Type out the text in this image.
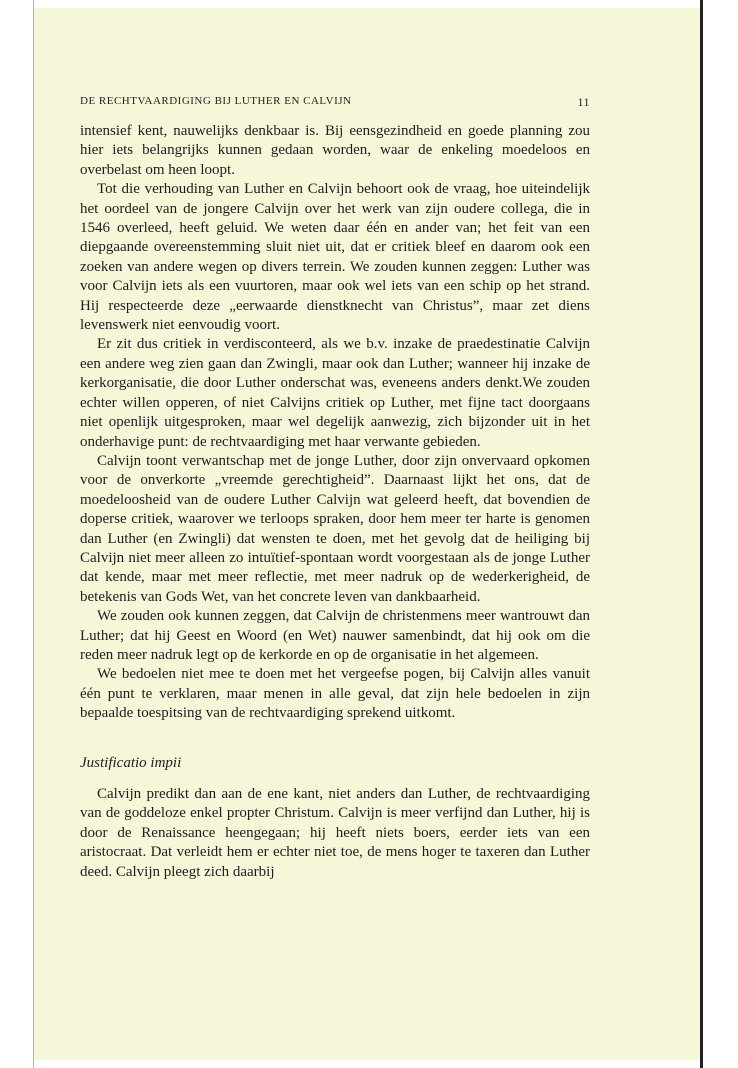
DE RECHTVAARDIGING BIJ LUTHER EN CALVIJN	11

intensief kent, nauwelijks denkbaar is. Bij eensgezindheid en goede planning zou hier iets belangrijks kunnen gedaan worden, waar de enkeling moedeloos en overbelast om heen loopt.

Tot die verhouding van Luther en Calvijn behoort ook de vraag, hoe uiteindelijk het oordeel van de jongere Calvijn over het werk van zijn oudere collega, die in 1546 overleed, heeft geluid. We weten daar één en ander van; het feit van een diepgaande overeenstemming sluit niet uit, dat er critiek bleef en daarom ook een zoeken van andere wegen op divers terrein. We zouden kunnen zeggen: Luther was voor Calvijn iets als een vuurtoren, maar ook wel iets van een schip op het strand. Hij respecteerde deze „eerwaarde dienstknecht van Christus”, maar zet diens levenswerk niet eenvoudig voort.

Er zit dus critiek in verdisconteerd, als we b.v. inzake de praedestinatie Calvijn een andere weg zien gaan dan Zwingli, maar ook dan Luther; wanneer hij inzake de kerkorganisatie, die door Luther onderschat was, eveneens anders denkt.We zouden echter willen opperen, of niet Calvijns critiek op Luther, met fijne tact doorgaans niet openlijk uitgesproken, maar wel degelijk aanwezig, zich bijzonder uit in het onderhavige punt: de rechtvaardiging met haar verwante gebieden.

Calvijn toont verwantschap met de jonge Luther, door zijn onvervaard opkomen voor de onverkorte „vreemde gerechtigheid”. Daarnaast lijkt het ons, dat de moedeloosheid van de oudere Luther Calvijn wat geleerd heeft, dat bovendien de doperse critiek, waarover we terloops spraken, door hem meer ter harte is genomen dan Luther (en Zwingli) dat wensten te doen, met het gevolg dat de heiliging bij Calvijn niet meer alleen zo intuïtief-spontaan wordt voorgestaan als de jonge Luther dat kende, maar met meer reflectie, met meer nadruk op de wederkerigheid, de betekenis van Gods Wet, van het concrete leven van dankbaarheid.

We zouden ook kunnen zeggen, dat Calvijn de christenmens meer wantrouwt dan Luther; dat hij Geest en Woord (en Wet) nauwer samenbindt, dat hij ook om die reden meer nadruk legt op de kerkorde en op de organisatie in het algemeen.

We bedoelen niet mee te doen met het vergeefse pogen, bij Calvijn alles vanuit één punt te verklaren, maar menen in alle geval, dat zijn hele bedoelen in zijn bepaalde toespitsing van de rechtvaardiging sprekend uitkomt.

Justificatio impii

Calvijn predikt dan aan de ene kant, niet anders dan Luther, de rechtvaardiging van de goddeloze enkel propter Christum. Calvijn is meer verfijnd dan Luther, hij is door de Renaissance heengegaan; hij heeft niets boers, eerder iets van een aristocraat. Dat verleidt hem er echter niet toe, de mens hoger te taxeren dan Luther deed. Calvijn pleegt zich daarbij
